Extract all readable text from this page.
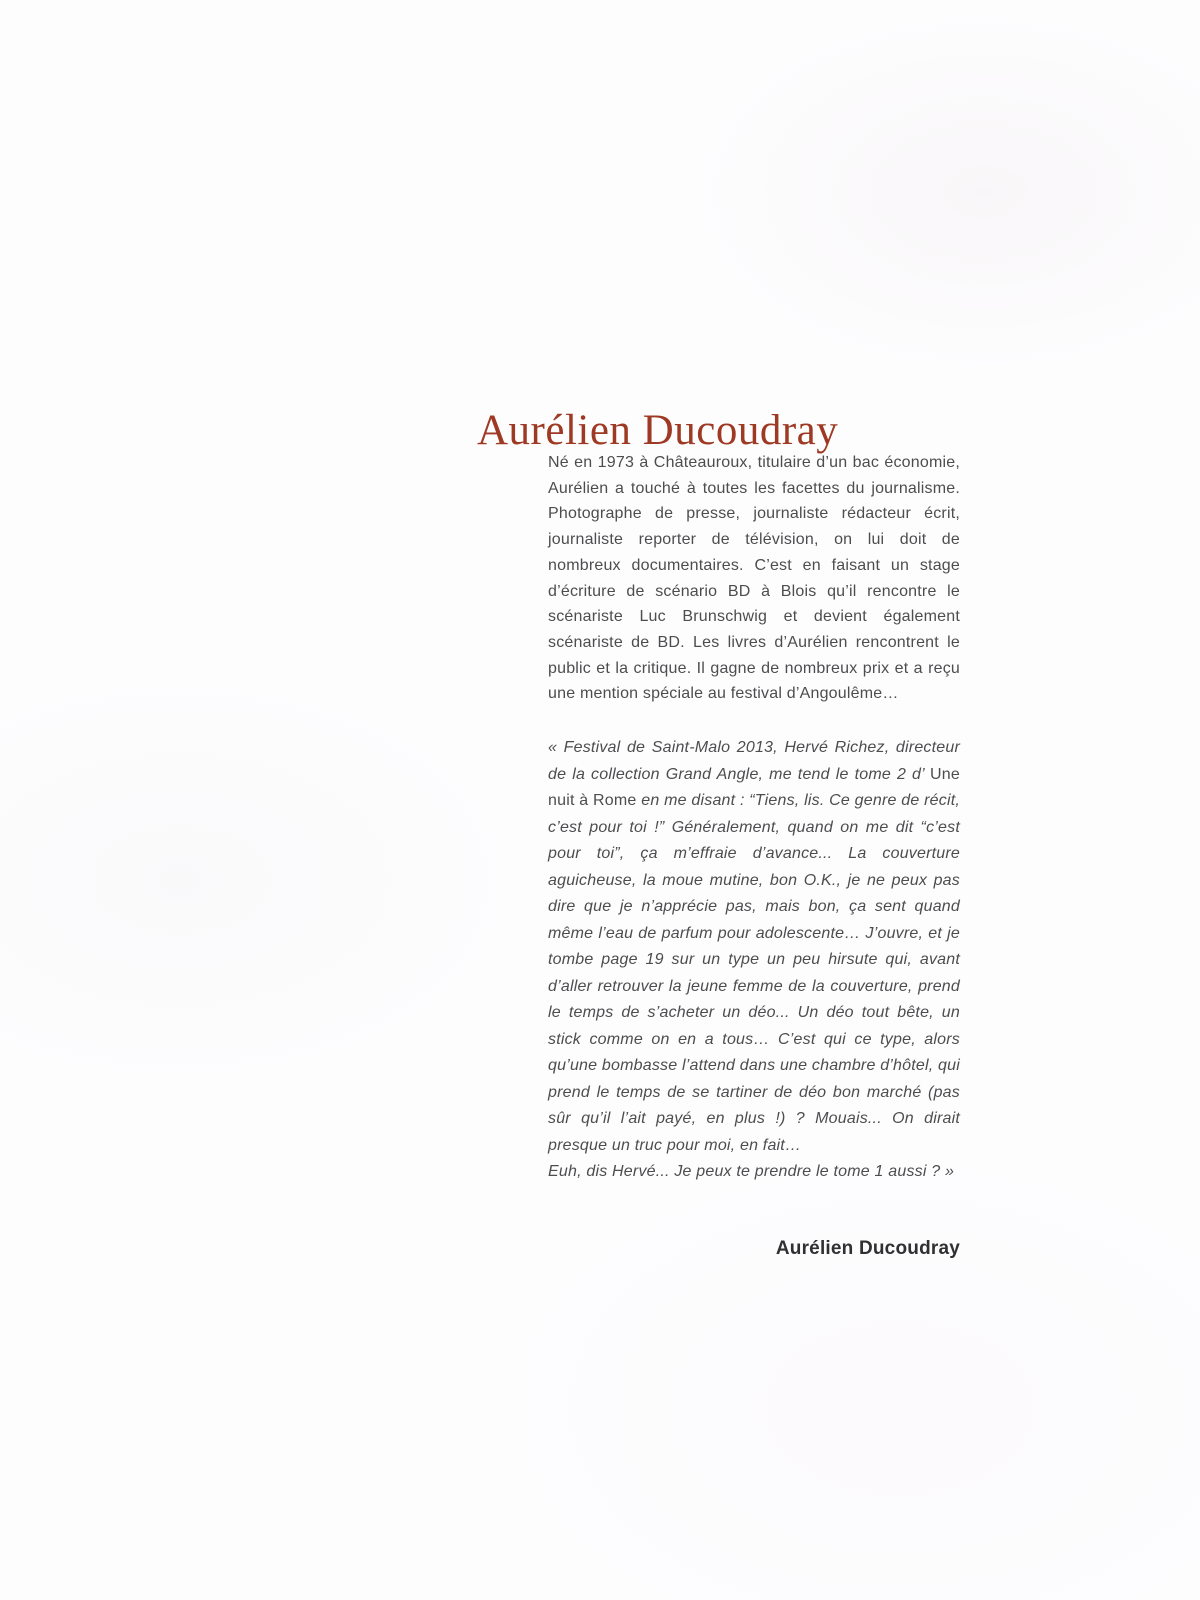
Aurélien Ducoudray

Né en 1973 à Châteauroux, titulaire d’un bac économie, Aurélien a touché à toutes les facettes du journalisme. Photographe de presse, journaliste rédacteur écrit, journaliste reporter de télévision, on lui doit de nombreux documentaires. C’est en faisant un stage d’écriture de scénario BD à Blois qu’il rencontre le scénariste Luc Brunschwig et devient également scénariste de BD. Les livres d’Aurélien rencontrent le public et la critique. Il gagne de nombreux prix et a reçu une mention spéciale au festival d’Angoulême…

« Festival de Saint-Malo 2013, Hervé Richez, directeur de la collection Grand Angle, me tend le tome 2 d’ Une nuit à Rome en me disant : “Tiens, lis. Ce genre de récit, c’est pour toi !” Généralement, quand on me dit “c’est pour toi”, ça m’effraie d’avance... La couverture aguicheuse, la moue mutine, bon O.K., je ne peux pas dire que je n’apprécie pas, mais bon, ça sent quand même l’eau de parfum pour adolescente… J’ouvre, et je tombe page 19 sur un type un peu hirsute qui, avant d’aller retrouver la jeune femme de la couverture, prend le temps de s’acheter un déo... Un déo tout bête, un stick comme on en a tous… C’est qui ce type, alors qu’une bombasse l’attend dans une chambre d’hôtel, qui prend le temps de se tartiner de déo bon marché (pas sûr qu’il l’ait payé, en plus !) ? Mouais... On dirait presque un truc pour moi, en fait…
Euh, dis Hervé... Je peux te prendre le tome 1 aussi ? »

Aurélien Ducoudray
